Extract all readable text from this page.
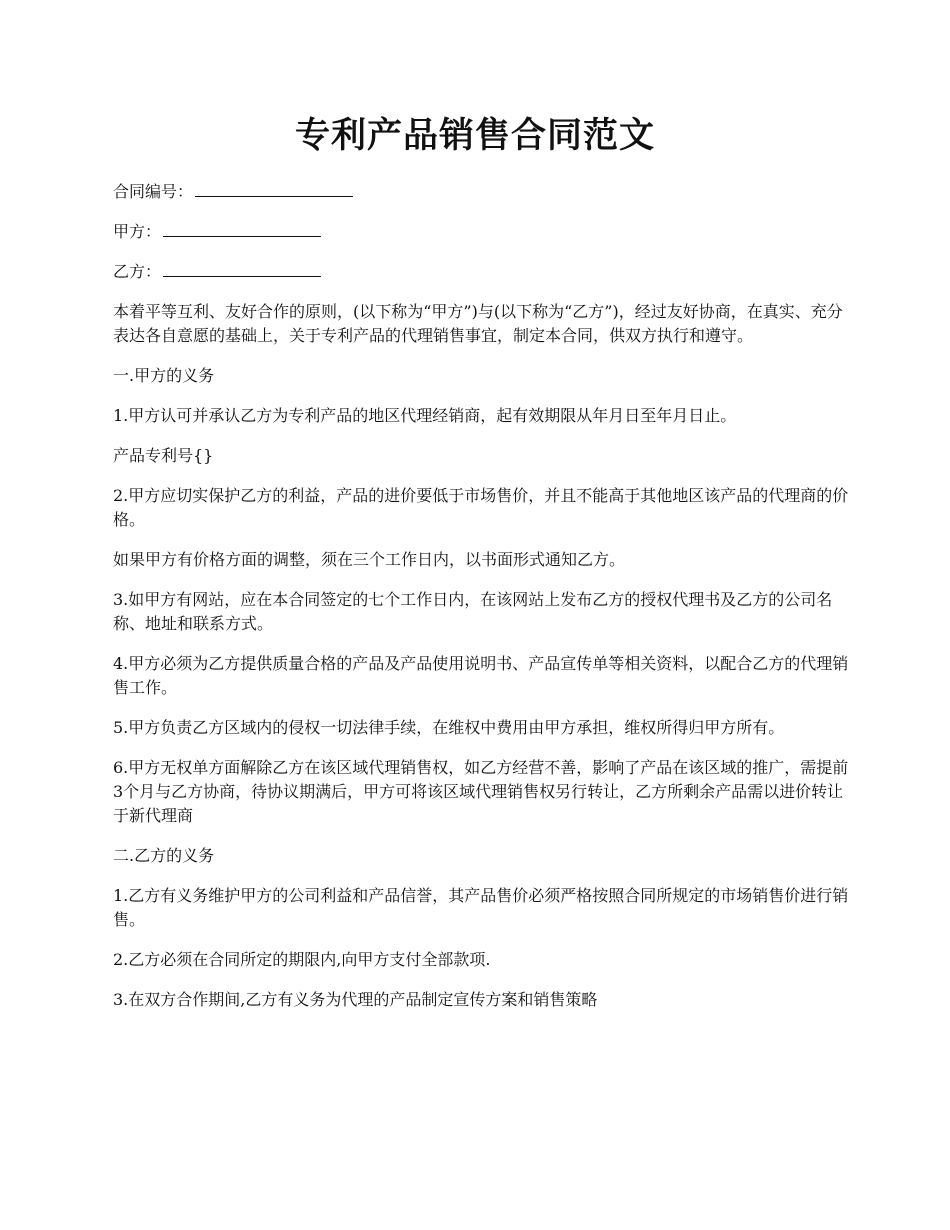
专利产品销售合同范文

合同编号：

甲方：

乙方：

本着平等互利、友好合作的原则，(以下称为“甲方”)与(以下称为“乙方”)，经过友好协商，在真实、充分表达各自意愿的基础上，关于专利产品的代理销售事宜，制定本合同，供双方执行和遵守。

一.甲方的义务

1.甲方认可并承认乙方为专利产品的地区代理经销商，起有效期限从年月日至年月日止。

产品专利号{}

2.甲方应切实保护乙方的利益，产品的进价要低于市场售价，并且不能高于其他地区该产品的代理商的价格。

如果甲方有价格方面的调整，须在三个工作日内，以书面形式通知乙方。

3.如甲方有网站，应在本合同签定的七个工作日内，在该网站上发布乙方的授权代理书及乙方的公司名称、地址和联系方式。

4.甲方必须为乙方提供质量合格的产品及产品使用说明书、产品宣传单等相关资料，以配合乙方的代理销售工作。

5.甲方负责乙方区域内的侵权一切法律手续，在维权中费用由甲方承担，维权所得归甲方所有。

6.甲方无权单方面解除乙方在该区域代理销售权，如乙方经营不善，影响了产品在该区域的推广，需提前3个月与乙方协商，待协议期满后，甲方可将该区域代理销售权另行转让，乙方所剩余产品需以进价转让于新代理商

二.乙方的义务

1.乙方有义务维护甲方的公司利益和产品信誉，其产品售价必须严格按照合同所规定的市场销售价进行销售。

2.乙方必须在合同所定的期限内,向甲方支付全部款项.

3.在双方合作期间,乙方有义务为代理的产品制定宣传方案和销售策略
